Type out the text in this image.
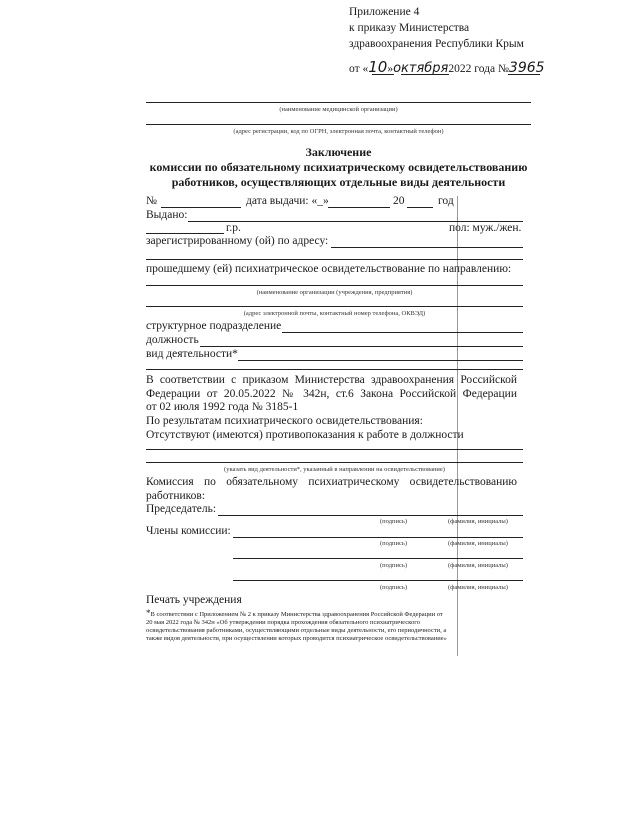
Приложение 4
к приказу Министерства
здравоохранения Республики Крым
от «10»октября2022 года №3965
(наименование медицинской организации)
(адрес регистрации, код по ОГРН, электронная почта, контактный телефон)
Заключение
комиссии по обязательному психиатрическому освидетельствованию
работников, осуществляющих отдельные виды деятельности
№	дата выдачи: «_»	20	год
Выдано:
г.р.	пол: муж./жен.
зарегистрированному (ой) по адресу:
прошедшему (ей) психиатрическое освидетельствование по направлению:
(наименование организации (учреждения, предприятия)
(адрес электронной почты, контактный номер телефона, ОКВЭД)
структурное подразделение
должность
вид деятельности*
В соответствии с приказом Министерства здравоохранения Российской Федерации от 20.05.2022 № 342н, ст.6 Закона Российской Федерации
от 02 июля 1992 года № 3185-1
По результатам психиатрического освидетельствования:
Отсутствуют (имеются) противопоказания к работе в должности
(указать вид деятельности*, указанный в направлении на освидетельствование)
Комиссия по обязательному психиатрическому освидетельствованию
работников:
Председатель:
(подпись)	(фамилия, инициалы)
Члены комиссии:
(подпись)	(фамилия, инициалы)
(подпись)	(фамилия, инициалы)
(подпись)	(фамилия, инициалы)
Печать учреждения
*В соответствии с Приложением № 2 к приказу Министерства здравоохранения Российской Федерации от
20 мая 2022 года № 342н «Об утверждении порядка прохождения обязательного психиатрического
освидетельствования работниками, осуществляющими отдельные виды деятельности, его периодичности, а
также видов деятельности, при осуществлении которых проводится психиатрическое освидетельствование»
